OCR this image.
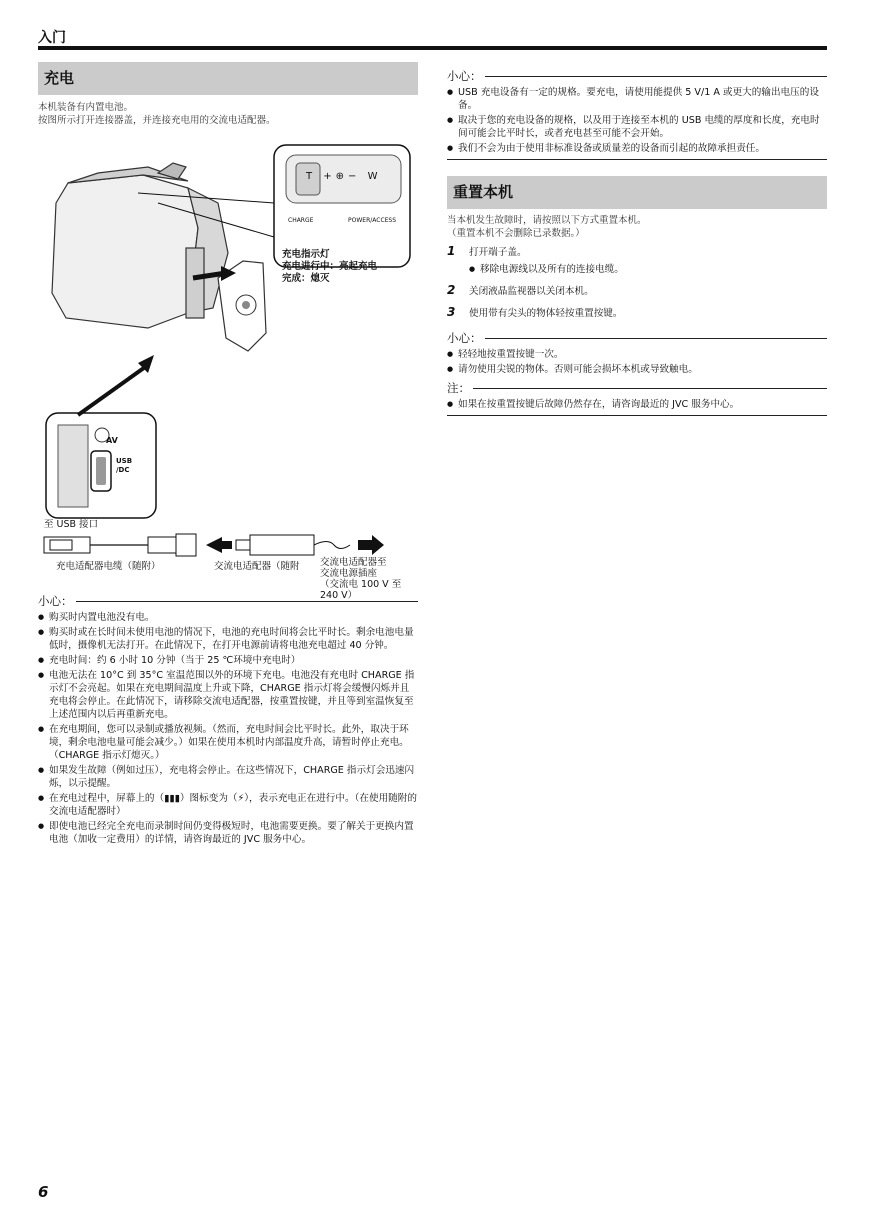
入门
充电
本机装备有内置电池。
按图所示打开连接器盖，并连接充电用的交流电适配器。
T +⊕− W
CHARGE	POWER/ACCESS
充电指示灯
充电进行中：亮起充电
完成：熄灭
AV
USB
/DC
至 USB 接口
充电适配器电缆（随附）	交流电适配器（随附 交流电适配器至
交流电源插座
（交流电 100 V 至
240 V）
小心：
● 购买时内置电池没有电。
● 购买时或在长时间未使用电池的情况下，电池的充电时间将会比平时长。剩余电池电量低时，摄像机无法打开。在此情况下，在打开电源前请将电池充电超过 40 分钟。
● 充电时间：约 6 小时 10 分钟（当于 25 ℃环境中充电时）
● 电池无法在 10°C 到 35°C 室温范围以外的环境下充电。电池没有充电时 CHARGE 指示灯不会亮起。如果在充电期间温度上升或下降，CHARGE 指示灯将会缓慢闪烁并且充电将会停止。在此情况下，请移除交流电适配器，按重置按键，并且等到室温恢复至上述范围内以后再重新充电。
● 在充电期间，您可以录制或播放视频。（然而，充电时间会比平时长。此外，取决于环境，剩余电池电量可能会减少。）如果在使用本机时内部温度升高，请暂时停止充电。（CHARGE 指示灯熄灭。）
● 如果发生故障（例如过压），充电将会停止。在这些情况下，CHARGE 指示灯会迅速闪烁，以示提醒。
● 在充电过程中，屏幕上的（▮▮▮）图标变为（⚡），表示充电正在进行中。（在使用随附的交流电适配器时）
● 即使电池已经完全充电而录制时间仍变得极短时，电池需要更换。要了解关于更换内置电池（加收一定费用）的详情，请咨询最近的 JVC 服务中心。
小心：
● USB 充电设备有一定的规格。要充电，请使用能提供 5 V/1 A 或更大的输出电压的设备。
● 取决于您的充电设备的规格，以及用于连接至本机的 USB 电缆的厚度和长度，充电时间可能会比平时长，或者充电甚至可能不会开始。
● 我们不会为由于使用非标准设备或质量差的设备而引起的故障承担责任。
重置本机
当本机发生故障时，请按照以下方式重置本机。
（重置本机不会删除已录数据。）
1 打开端子盖。
● 移除电源线以及所有的连接电缆。
2 关闭液晶监视器以关闭本机。
3 使用带有尖头的物体轻按重置按键。
小心：
● 轻轻地按重置按键一次。
● 请勿使用尖锐的物体。否则可能会损坏本机或导致触电。
注：
● 如果在按重置按键后故障仍然存在，请咨询最近的 JVC 服务中心。
6
